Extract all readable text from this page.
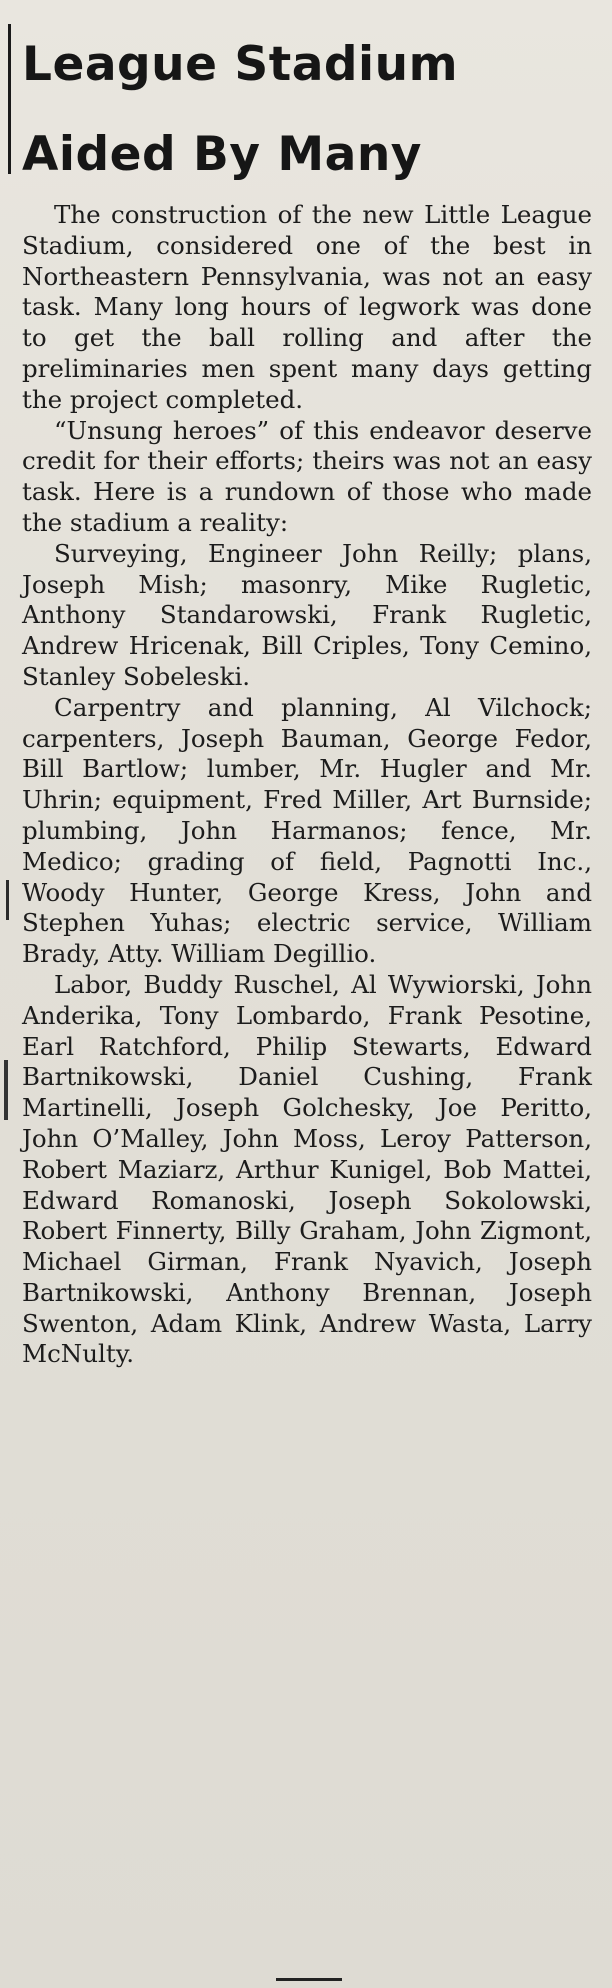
League Stadium
Aided By Many

The construction of the new Little League Stadium, considered one of the best in Northeastern Pennsylvania, was not an easy task. Many long hours of legwork was done to get the ball rolling and after the preliminaries men spent many days getting the project completed.

“Unsung heroes” of this endeavor deserve credit for their efforts; theirs was not an easy task. Here is a rundown of those who made the stadium a reality:

Surveying, Engineer John Reilly; plans, Joseph Mish; masonry, Mike Rugletic, Anthony Standarowski, Frank Rugletic, Andrew Hricenak, Bill Criples, Tony Cemino, Stanley Sobeleski.

Carpentry and planning, Al Vilchock; carpenters, Joseph Bauman, George Fedor, Bill Bartlow; lumber, Mr. Hugler and Mr. Uhrin; equipment, Fred Miller, Art Burnside; plumbing, John Harmanos; fence, Mr. Medico; grading of field, Pagnotti Inc., Woody Hunter, George Kress, John and Stephen Yuhas; electric service, William Brady, Atty. William Degillio.

Labor, Buddy Ruschel, Al Wywiorski, John Anderika, Tony Lombardo, Frank Pesotine, Earl Ratchford, Philip Stewarts, Edward Bartnikowski, Daniel Cushing, Frank Martinelli, Joseph Golchesky, Joe Peritto, John O’Malley, John Moss, Leroy Patterson, Robert Maziarz, Arthur Kunigel, Bob Mattei, Edward Romanoski, Joseph Sokolowski, Robert Finnerty, Billy Graham, John Zigmont, Michael Girman, Frank Nyavich, Joseph Bartnikowski, Anthony Brennan, Joseph Swenton, Adam Klink, Andrew Wasta, Larry McNulty.
